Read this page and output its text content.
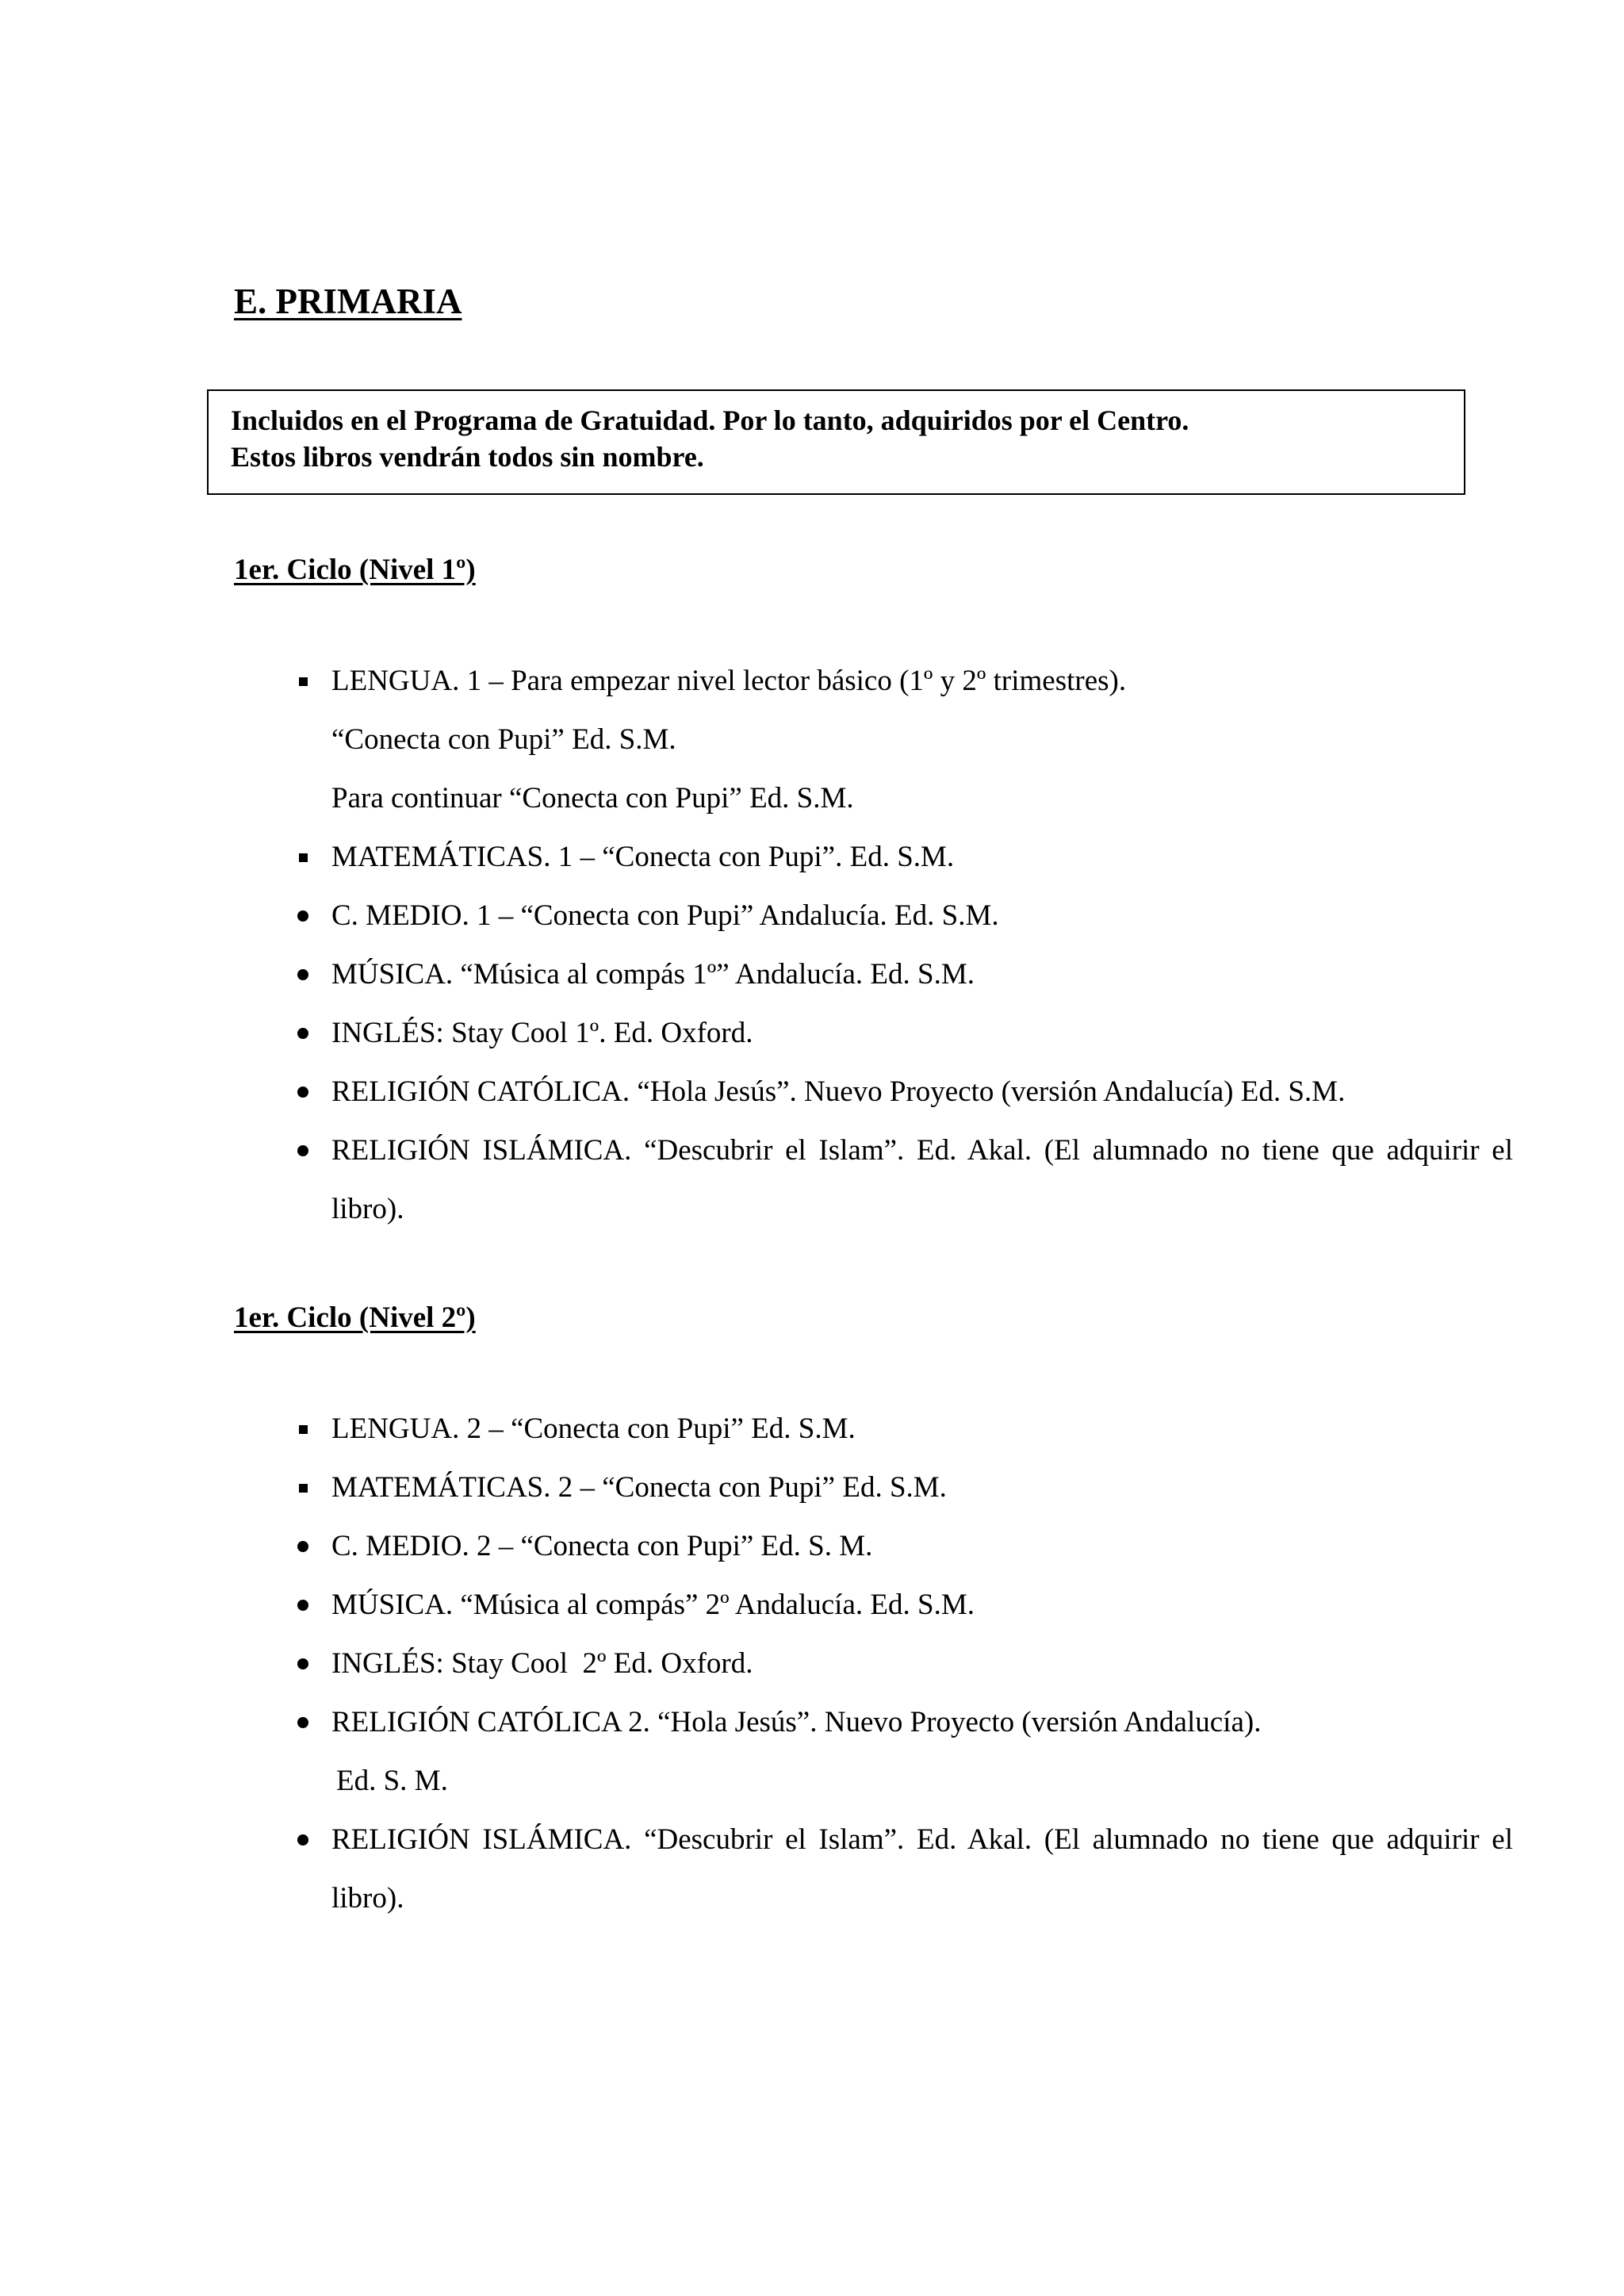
E. PRIMARIA
Incluidos en el Programa de Gratuidad. Por lo tanto, adquiridos por el Centro.
Estos libros vendrán todos sin nombre.
1er. Ciclo (Nivel 1º)
LENGUA. 1 – Para empezar nivel lector básico (1º y 2º trimestres).
“Conecta con Pupi” Ed. S.M.
Para continuar “Conecta con Pupi” Ed. S.M.
MATEMÁTICAS. 1 – “Conecta con Pupi”. Ed. S.M.
C. MEDIO. 1 – “Conecta con Pupi” Andalucía. Ed. S.M.
MÚSICA. “Música al compás 1º” Andalucía. Ed. S.M.
INGLÉS: Stay Cool 1º. Ed. Oxford.
RELIGIÓN CATÓLICA. “Hola Jesús”. Nuevo Proyecto (versión Andalucía) Ed. S.M.
RELIGIÓN ISLÁMICA. “Descubrir el Islam”. Ed. Akal. (El alumnado no tiene que adquirir el libro).
1er. Ciclo (Nivel 2º)
LENGUA. 2 – “Conecta con Pupi” Ed. S.M.
MATEMÁTICAS. 2 – “Conecta con Pupi” Ed. S.M.
C. MEDIO. 2 – “Conecta con Pupi” Ed. S. M.
MÚSICA. “Música al compás” 2º Andalucía. Ed. S.M.
INGLÉS: Stay Cool  2º Ed. Oxford.
RELIGIÓN CATÓLICA 2. “Hola Jesús”. Nuevo Proyecto (versión Andalucía).
Ed. S. M.
RELIGIÓN ISLÁMICA. “Descubrir el Islam”. Ed. Akal. (El alumnado no tiene que adquirir el libro).
